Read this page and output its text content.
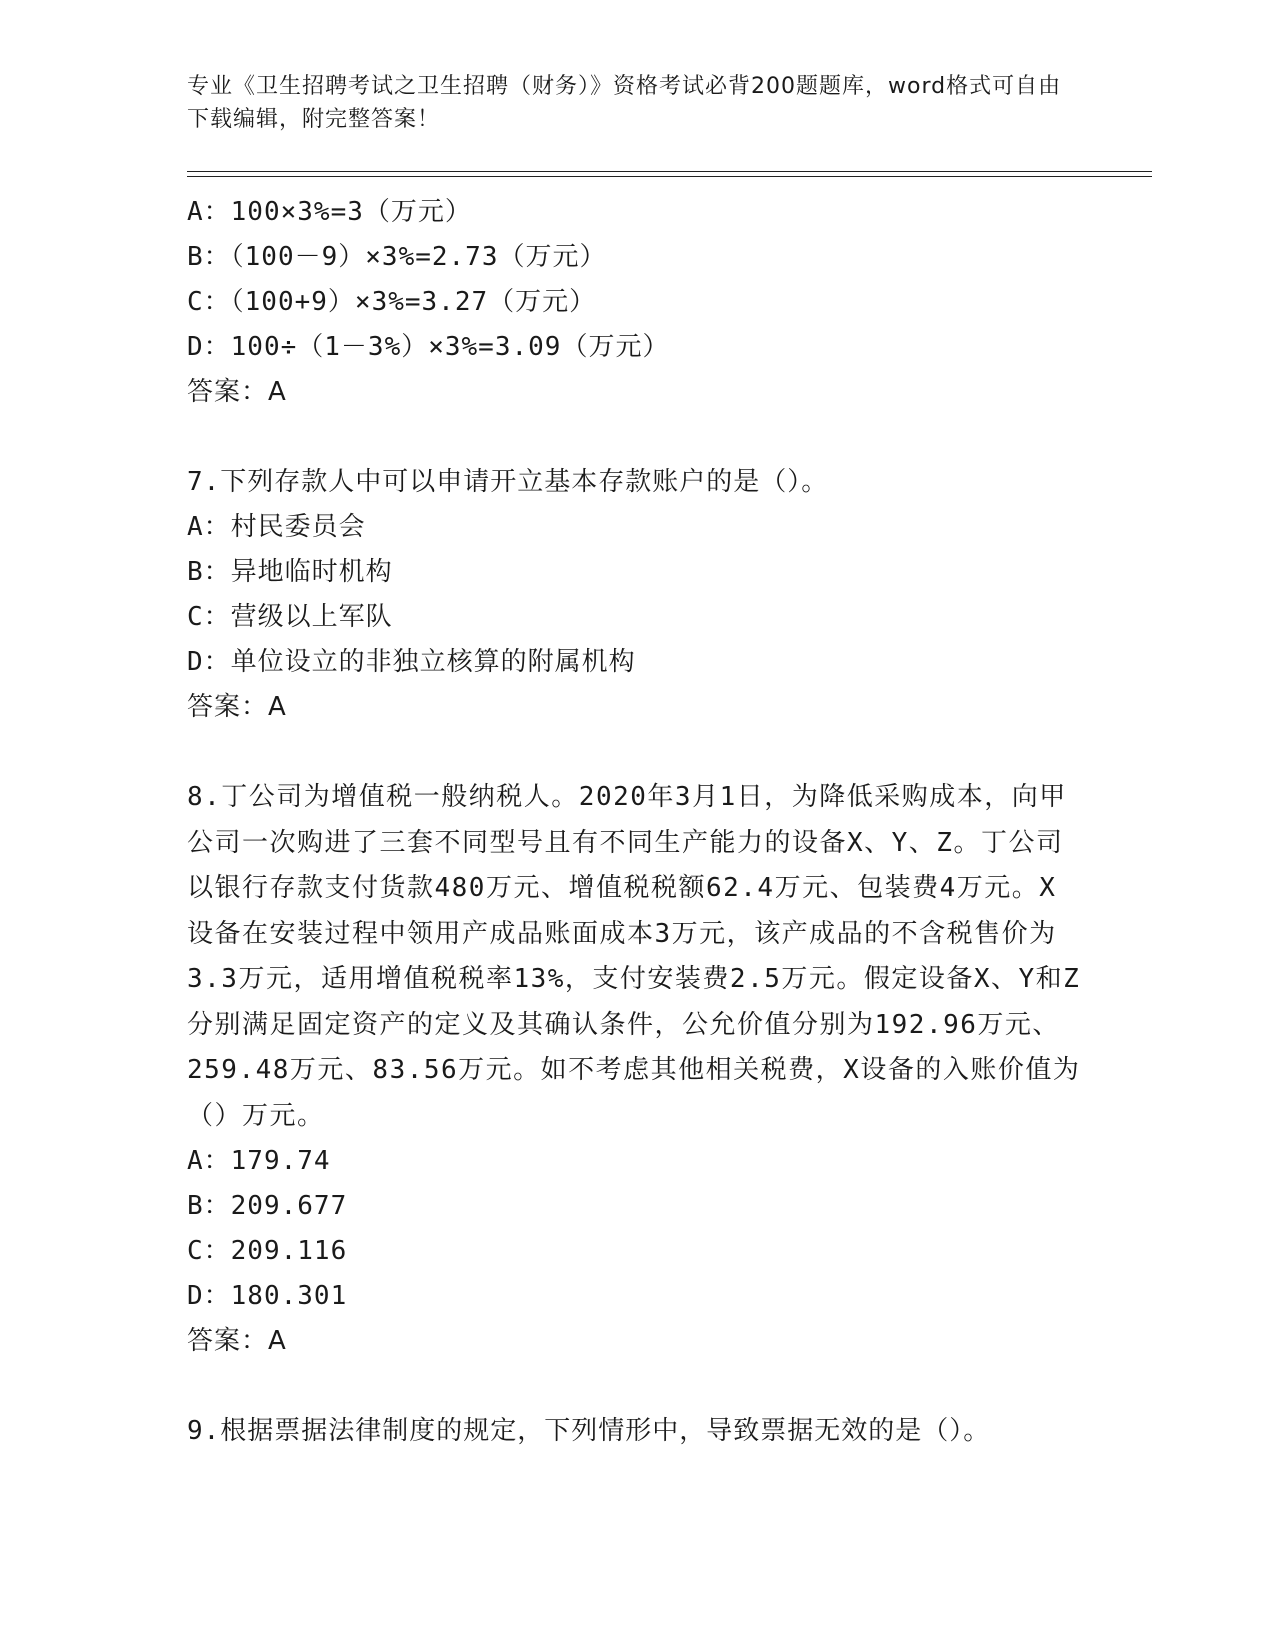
专业《卫生招聘考试之卫生招聘（财务）》资格考试必背200题题库，word格式可自由下载编辑，附完整答案！
A：100×3%=3（万元）
B：（100－9）×3%=2.73（万元）
C：（100+9）×3%=3.27（万元）
D：100÷（1－3%）×3%=3.09（万元）
答案：A
7.下列存款人中可以申请开立基本存款账户的是（）。
A：村民委员会
B：异地临时机构
C：营级以上军队
D：单位设立的非独立核算的附属机构
答案：A
8.丁公司为增值税一般纳税人。2020年3月1日，为降低采购成本，向甲公司一次购进了三套不同型号且有不同生产能力的设备X、Y、Z。丁公司以银行存款支付货款480万元、增值税税额62.4万元、包装费4万元。X设备在安装过程中领用产成品账面成本3万元，该产成品的不含税售价为3.3万元，适用增值税税率13%，支付安装费2.5万元。假定设备X、Y和Z分别满足固定资产的定义及其确认条件，公允价值分别为192.96万元、259.48万元、83.56万元。如不考虑其他相关税费，X设备的入账价值为（）万元。
A：179.74
B：209.677
C：209.116
D：180.301
答案：A
9.根据票据法律制度的规定，下列情形中，导致票据无效的是（）。
